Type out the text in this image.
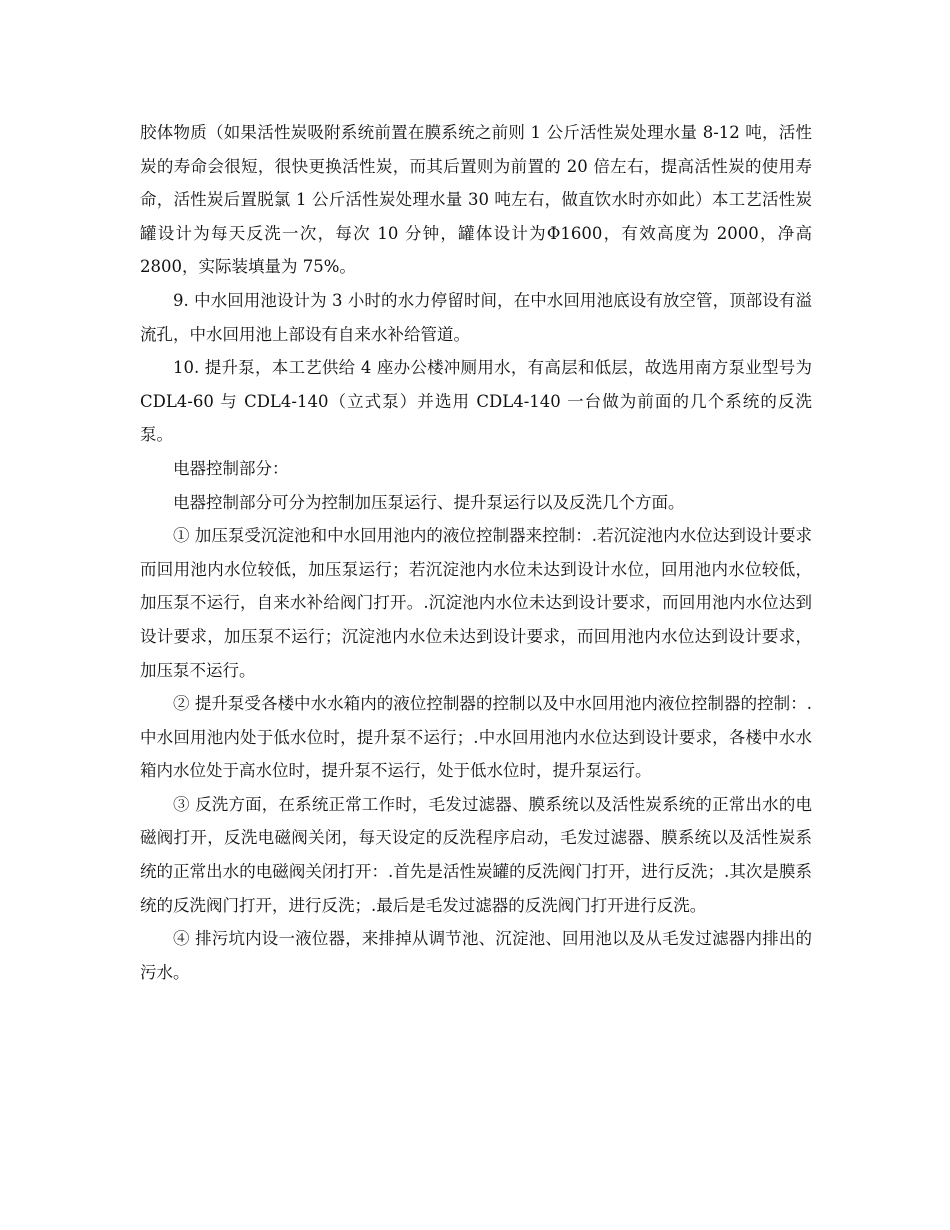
胶体物质（如果活性炭吸附系统前置在膜系统之前则 1 公斤活性炭处理水量 8-12 吨，活性炭的寿命会很短，很快更换活性炭，而其后置则为前置的 20 倍左右，提高活性炭的使用寿命，活性炭后置脱氯 1 公斤活性炭处理水量 30 吨左右，做直饮水时亦如此）本工艺活性炭罐设计为每天反洗一次，每次 10 分钟，罐体设计为Φ1600，有效高度为 2000，净高 2800，实际装填量为 75%。

9. 中水回用池设计为 3 小时的水力停留时间，在中水回用池底设有放空管，顶部设有溢流孔，中水回用池上部设有自来水补给管道。

10. 提升泵，本工艺供给 4 座办公楼冲厕用水，有高层和低层，故选用南方泵业型号为 CDL4-60 与 CDL4-140（立式泵）并选用 CDL4-140 一台做为前面的几个系统的反洗泵。

电器控制部分：

电器控制部分可分为控制加压泵运行、提升泵运行以及反洗几个方面。

① 加压泵受沉淀池和中水回用池内的液位控制器来控制：.若沉淀池内水位达到设计要求而回用池内水位较低，加压泵运行；若沉淀池内水位未达到设计水位，回用池内水位较低，加压泵不运行，自来水补给阀门打开。.沉淀池内水位未达到设计要求，而回用池内水位达到设计要求，加压泵不运行；沉淀池内水位未达到设计要求，而回用池内水位达到设计要求，加压泵不运行。

② 提升泵受各楼中水水箱内的液位控制器的控制以及中水回用池内液位控制器的控制：.中水回用池内处于低水位时，提升泵不运行；.中水回用池内水位达到设计要求，各楼中水水箱内水位处于高水位时，提升泵不运行，处于低水位时，提升泵运行。

③ 反洗方面，在系统正常工作时，毛发过滤器、膜系统以及活性炭系统的正常出水的电磁阀打开，反洗电磁阀关闭，每天设定的反洗程序启动，毛发过滤器、膜系统以及活性炭系统的正常出水的电磁阀关闭打开：.首先是活性炭罐的反洗阀门打开，进行反洗；.其次是膜系统的反洗阀门打开，进行反洗；.最后是毛发过滤器的反洗阀门打开进行反洗。

④ 排污坑内设一液位器，来排掉从调节池、沉淀池、回用池以及从毛发过滤器内排出的污水。
